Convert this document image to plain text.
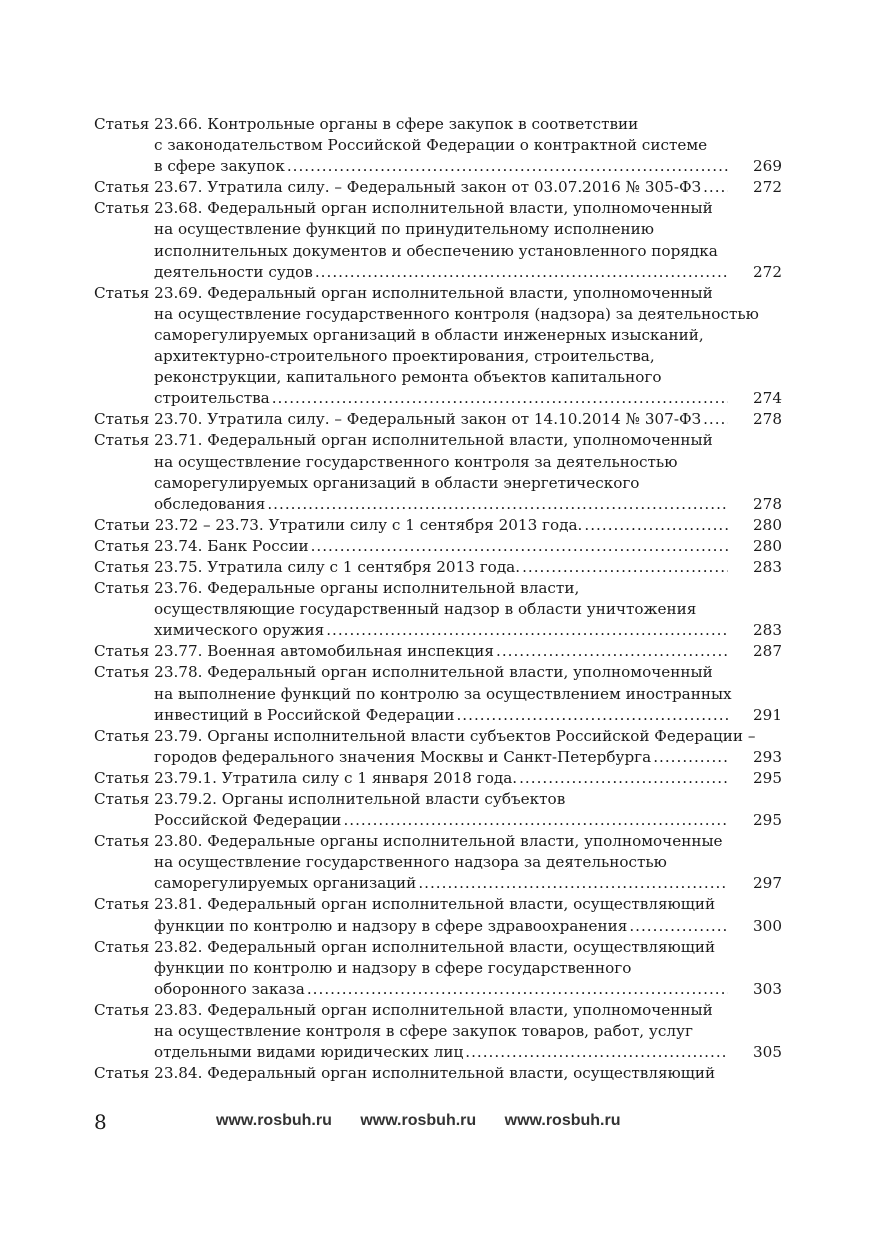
Статья 23.66. Контрольные органы в сфере закупок в соответствии
с законодательством Российской Федерации о контрактной системе
в сфере закупок .....	269
Статья 23.67. Утратила силу. – Федеральный закон от 03.07.2016 № 305-ФЗ .....	272
Статья 23.68. Федеральный орган исполнительной власти, уполномоченный
на осуществление функций по принудительному исполнению
исполнительных документов и обеспечению установленного порядка
деятельности судов .....	272
Статья 23.69. Федеральный орган исполнительной власти, уполномоченный
на осуществление государственного контроля (надзора) за деятельностью
саморегулируемых организаций в области инженерных изысканий,
архитектурно-строительного проектирования, строительства,
реконструкции, капитального ремонта объектов капитального
строительства .....	274
Статья 23.70. Утратила силу. – Федеральный закон от 14.10.2014 № 307-ФЗ .....	278
Статья 23.71. Федеральный орган исполнительной власти, уполномоченный
на осуществление государственного контроля за деятельностью
саморегулируемых организаций в области энергетического
обследования .....	278
Статьи 23.72 – 23.73. Утратили силу с 1 сентября 2013 года. .....	280
Статья 23.74. Банк России .....	280
Статья 23.75. Утратила силу с 1 сентября 2013 года. .....	283
Статья 23.76. Федеральные органы исполнительной власти,
осуществляющие государственный надзор в области уничтожения
химического оружия .....	283
Статья 23.77. Военная автомобильная инспекция .....	287
Статья 23.78. Федеральный орган исполнительной власти, уполномоченный
на выполнение функций по контролю за осуществлением иностранных
инвестиций в Российской Федерации .....	291
Статья 23.79. Органы исполнительной власти субъектов Российской Федерации –
городов федерального значения Москвы и Санкт-Петербурга .....	293
Статья 23.79.1. Утратила силу с 1 января 2018 года. .....	295
Статья 23.79.2. Органы исполнительной власти субъектов
Российской Федерации .....	295
Статья 23.80. Федеральные органы исполнительной власти, уполномоченные
на осуществление государственного надзора за деятельностью
саморегулируемых организаций .....	297
Статья 23.81. Федеральный орган исполнительной власти, осуществляющий
функции по контролю и надзору в сфере здравоохранения .....	300
Статья 23.82. Федеральный орган исполнительной власти, осуществляющий
функции по контролю и надзору в сфере государственного
оборонного заказа .....	303
Статья 23.83. Федеральный орган исполнительной власти, уполномоченный
на осуществление контроля в сфере закупок товаров, работ, услуг
отдельными видами юридических лиц .....	305
Статья 23.84. Федеральный орган исполнительной власти, осуществляющий
8	www.rosbuh.ru www.rosbuh.ru www.rosbuh.ru
